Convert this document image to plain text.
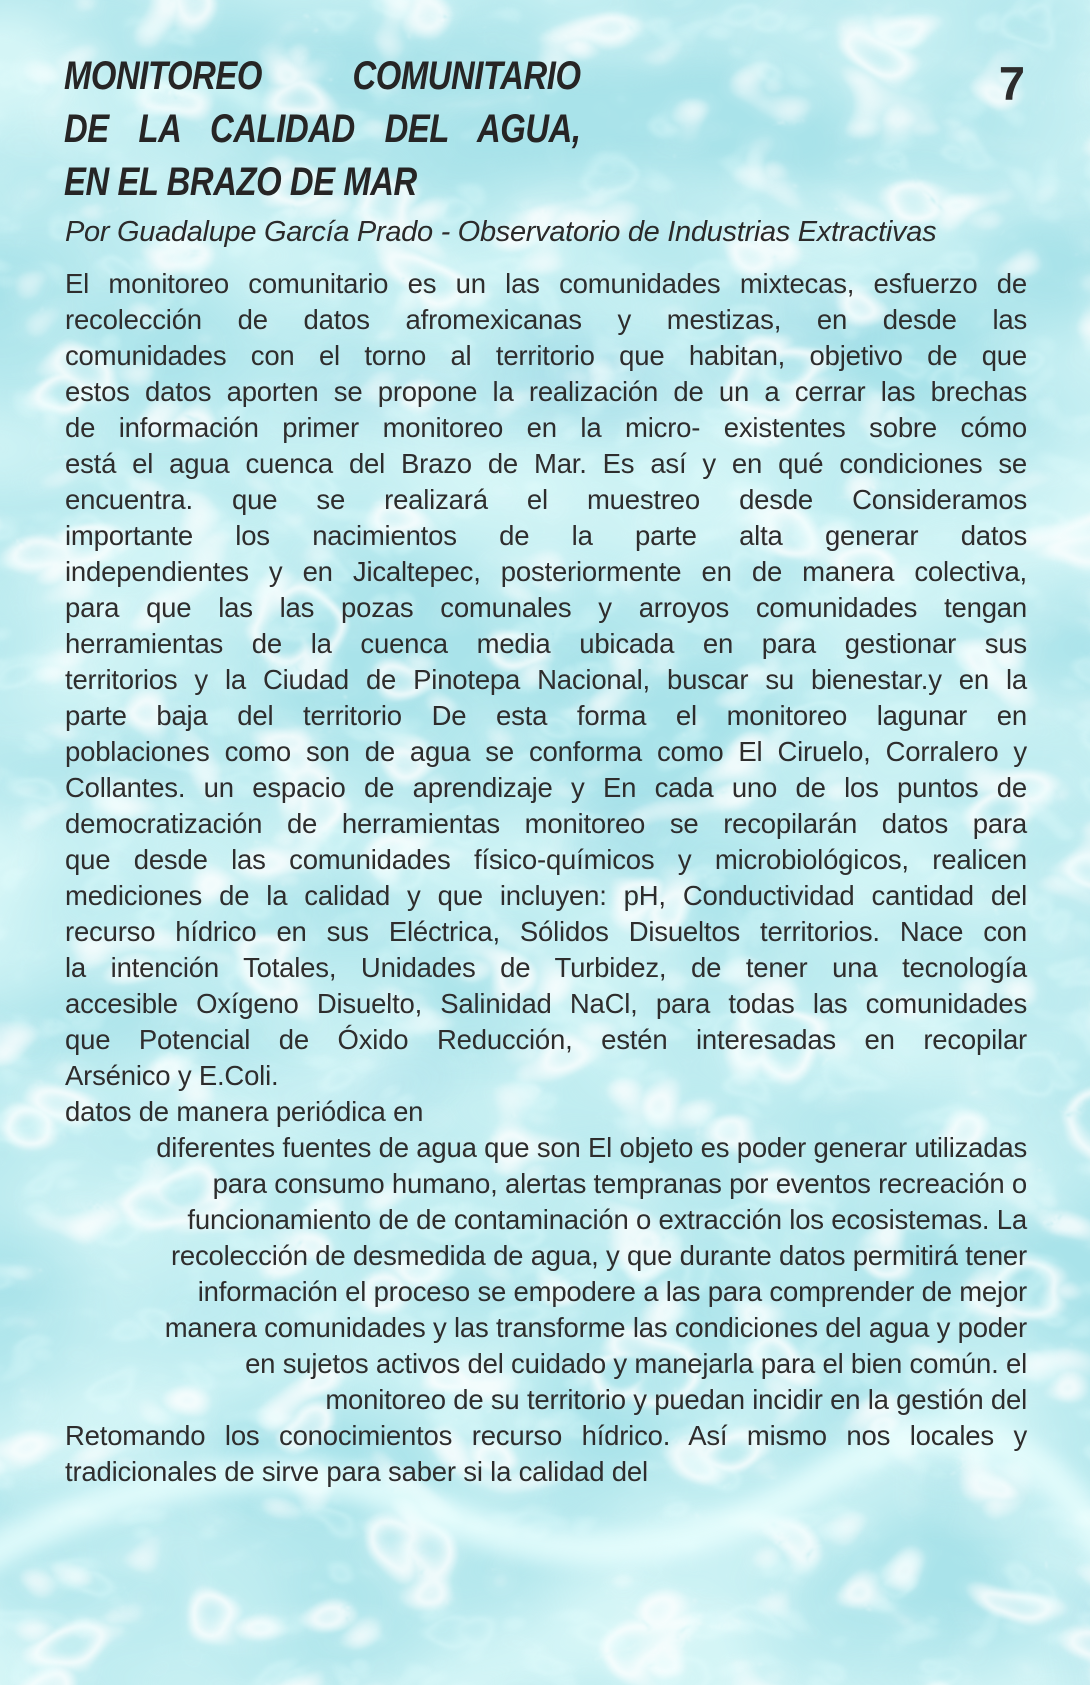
7
MONITOREO COMUNITARIO
DE LA CALIDAD DEL AGUA,
EN EL BRAZO DE MAR
Por Guadalupe García Prado - Observatorio de Industrias Extractivas
El monitoreo comunitario es un las comunidades mixtecas, esfuerzo de
recolección de datos afromexicanas y mestizas, en desde las
comunidades con el torno al territorio que habitan, objetivo de que
estos datos aporten se propone la realización de un a cerrar las brechas
de información primer monitoreo en la micro- existentes sobre cómo
está el agua cuenca del Brazo de Mar. Es así y en qué condiciones se
encuentra. que se realizará el muestreo desde Consideramos
importante los nacimientos de la parte alta generar datos
independientes y en Jicaltepec, posteriormente en de manera colectiva,
para que las las pozas comunales y arroyos comunidades tengan
herramientas de la cuenca media ubicada en para gestionar sus
territorios y la Ciudad de Pinotepa Nacional, buscar su bienestar.y en la
parte baja del territorio De esta forma el monitoreo lagunar en
poblaciones como son de agua se conforma como El Ciruelo, Corralero y
Collantes. un espacio de aprendizaje y En cada uno de los puntos de
democratización de herramientas monitoreo se recopilarán datos para
que desde las comunidades físico-químicos y microbiológicos, realicen
mediciones de la calidad y que incluyen: pH, Conductividad cantidad del
recurso hídrico en sus Eléctrica, Sólidos Disueltos territorios. Nace con
la intención Totales, Unidades de Turbidez, de tener una tecnología
accesible Oxígeno Disuelto, Salinidad NaCl, para todas las comunidades
que Potencial de Óxido Reducción, estén interesadas en recopilar
Arsénico y E.Coli.
datos de manera periódica en
diferentes fuentes de agua que son El objeto es poder generar utilizadas
para consumo humano, alertas tempranas por eventos recreación o
funcionamiento de de contaminación o extracción los ecosistemas. La
recolección de desmedida de agua, y que durante datos permitirá tener
información el proceso se empodere a las para comprender de mejor
manera comunidades y las transforme las condiciones del agua y poder
en sujetos activos del cuidado y manejarla para el bien común. el
monitoreo de su territorio y puedan incidir en la gestión del
Retomando los conocimientos recurso hídrico. Así mismo nos locales y
tradicionales de sirve para saber si la calidad del
